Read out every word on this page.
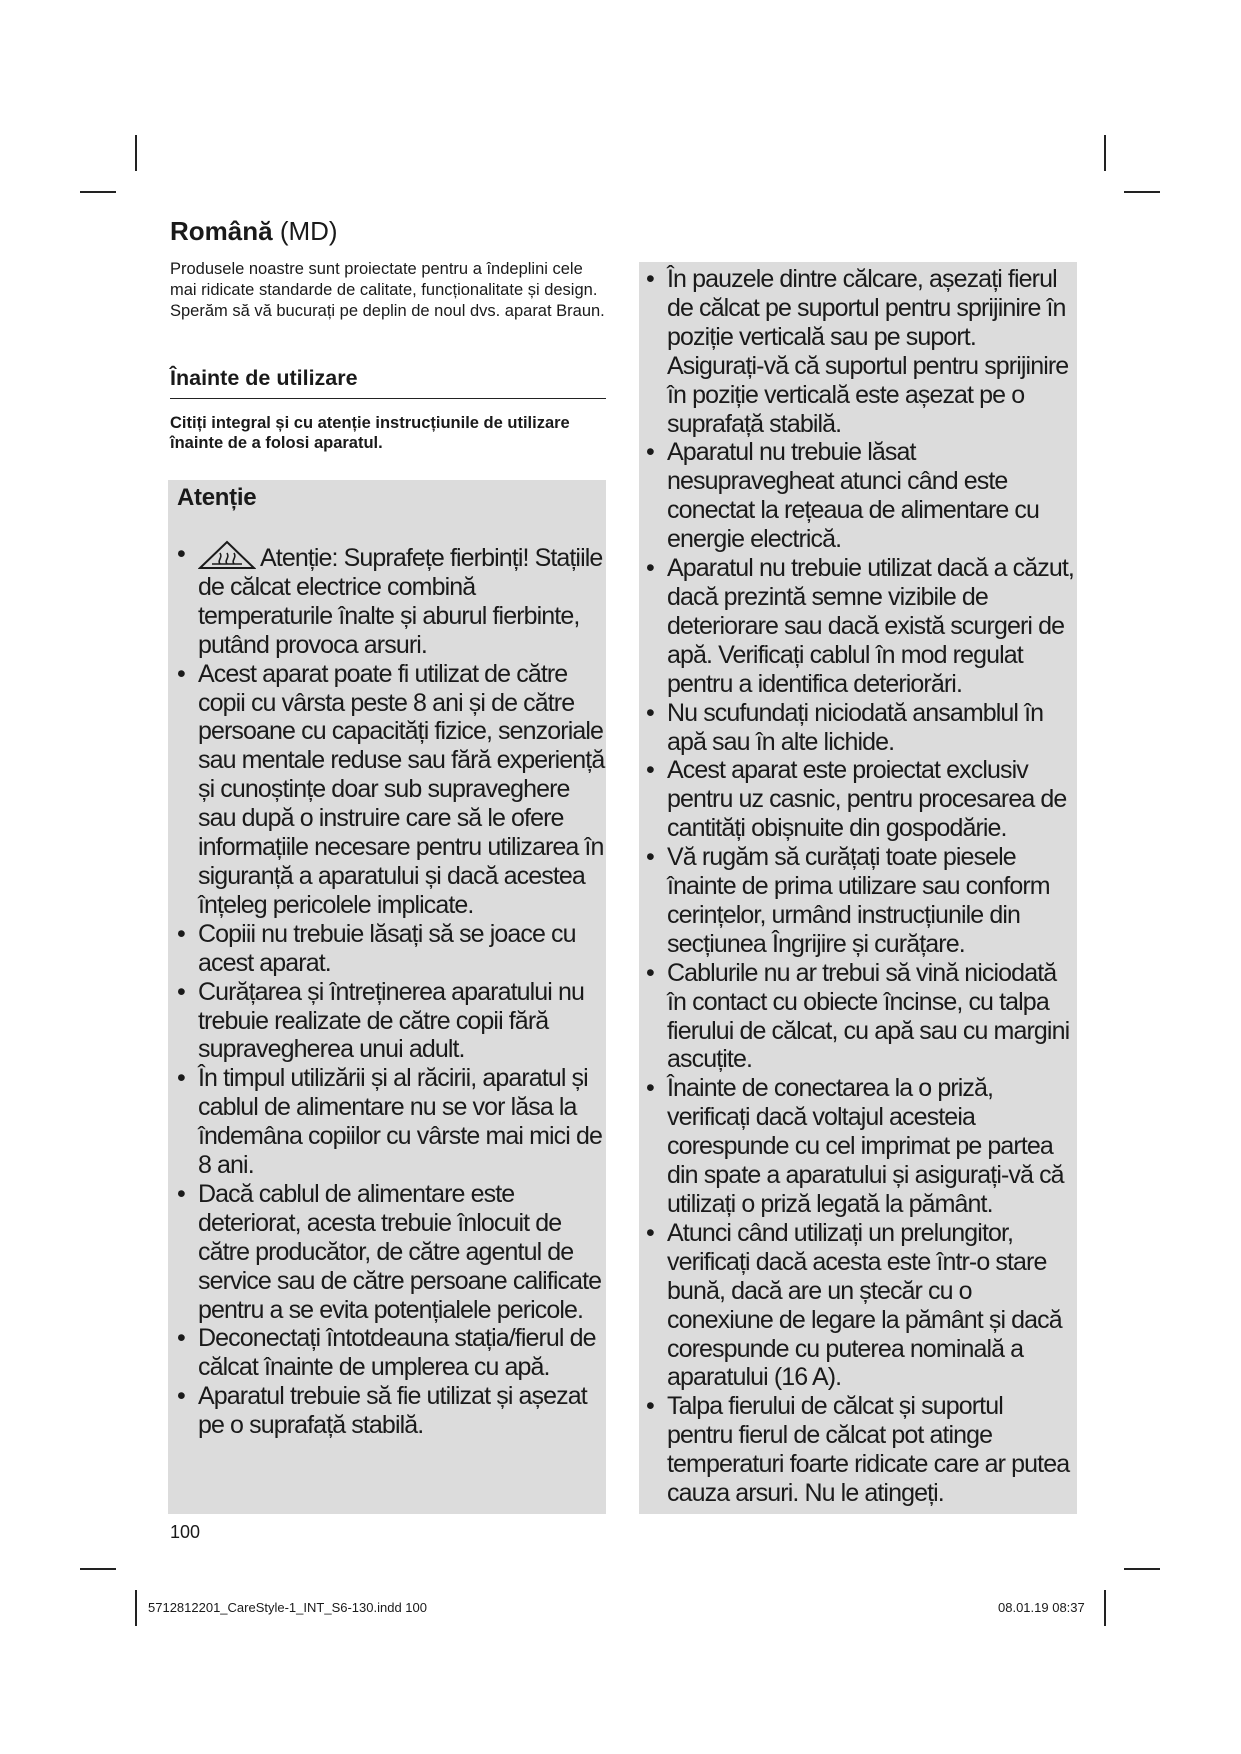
Română (MD)

Produsele noastre sunt proiectate pentru a îndeplini cele mai ridicate standarde de calitate, funcționalitate și design. Sperăm să vă bucurați pe deplin de noul dvs. aparat Braun.

Înainte de utilizare

Citiți integral și cu atenție instrucțiunile de utilizare înainte de a folosi aparatul.

Atenție
• Atenție: Suprafețe fierbinți! Stațiile de călcat electrice combină temperaturile înalte și aburul fierbinte, putând provoca arsuri.
• Acest aparat poate fi utilizat de către copii cu vârsta peste 8 ani și de către persoane cu capacități fizice, senzoriale sau mentale reduse sau fără experiență și cunoștințe doar sub supraveghere sau după o instruire care să le ofere informațiile necesare pentru utilizarea în siguranță a aparatului și dacă acestea înțeleg pericolele implicate.
• Copiii nu trebuie lăsați să se joace cu acest aparat.
• Curățarea și întreținerea aparatului nu trebuie realizate de către copii fără supravegherea unui adult.
• În timpul utilizării și al răcirii, aparatul și cablul de alimentare nu se vor lăsa la îndemâna copiilor cu vârste mai mici de 8 ani.
• Dacă cablul de alimentare este deteriorat, acesta trebuie înlocuit de către producător, de către agentul de service sau de către persoane calificate pentru a se evita potențialele pericole.
• Deconectați întotdeauna stația/fierul de călcat înainte de umplerea cu apă.
• Aparatul trebuie să fie utilizat și așezat pe o suprafață stabilă.
• În pauzele dintre călcare, așezați fierul de călcat pe suportul pentru sprijinire în poziție verticală sau pe suport. Asigurați-vă că suportul pentru sprijinire în poziție verticală este așezat pe o suprafață stabilă.
• Aparatul nu trebuie lăsat nesupravegheat atunci când este conectat la rețeaua de alimentare cu energie electrică.
• Aparatul nu trebuie utilizat dacă a căzut, dacă prezintă semne vizibile de deteriorare sau dacă există scurgeri de apă. Verificați cablul în mod regulat pentru a identifica deteriorări.
• Nu scufundați niciodată ansamblul în apă sau în alte lichide.
• Acest aparat este proiectat exclusiv pentru uz casnic, pentru procesarea de cantități obișnuite din gospodărie.
• Vă rugăm să curățați toate piesele înainte de prima utilizare sau conform cerințelor, urmând instrucțiunile din secțiunea Îngrijire și curățare.
• Cablurile nu ar trebui să vină niciodată în contact cu obiecte încinse, cu talpa fierului de călcat, cu apă sau cu margini ascuțite.
• Înainte de conectarea la o priză, verificați dacă voltajul acesteia corespunde cu cel imprimat pe partea din spate a aparatului și asigurați-vă că utilizați o priză legată la pământ.
• Atunci când utilizați un prelungitor, verificați dacă acesta este într-o stare bună, dacă are un ștecăr cu o conexiune de legare la pământ și dacă corespunde cu puterea nominală a aparatului (16 A).
• Talpa fierului de călcat și suportul pentru fierul de călcat pot atinge temperaturi foarte ridicate care ar putea cauza arsuri. Nu le atingeți.

100

5712812201_CareStyle-1_INT_S6-130.indd 100	08.01.19 08:37
